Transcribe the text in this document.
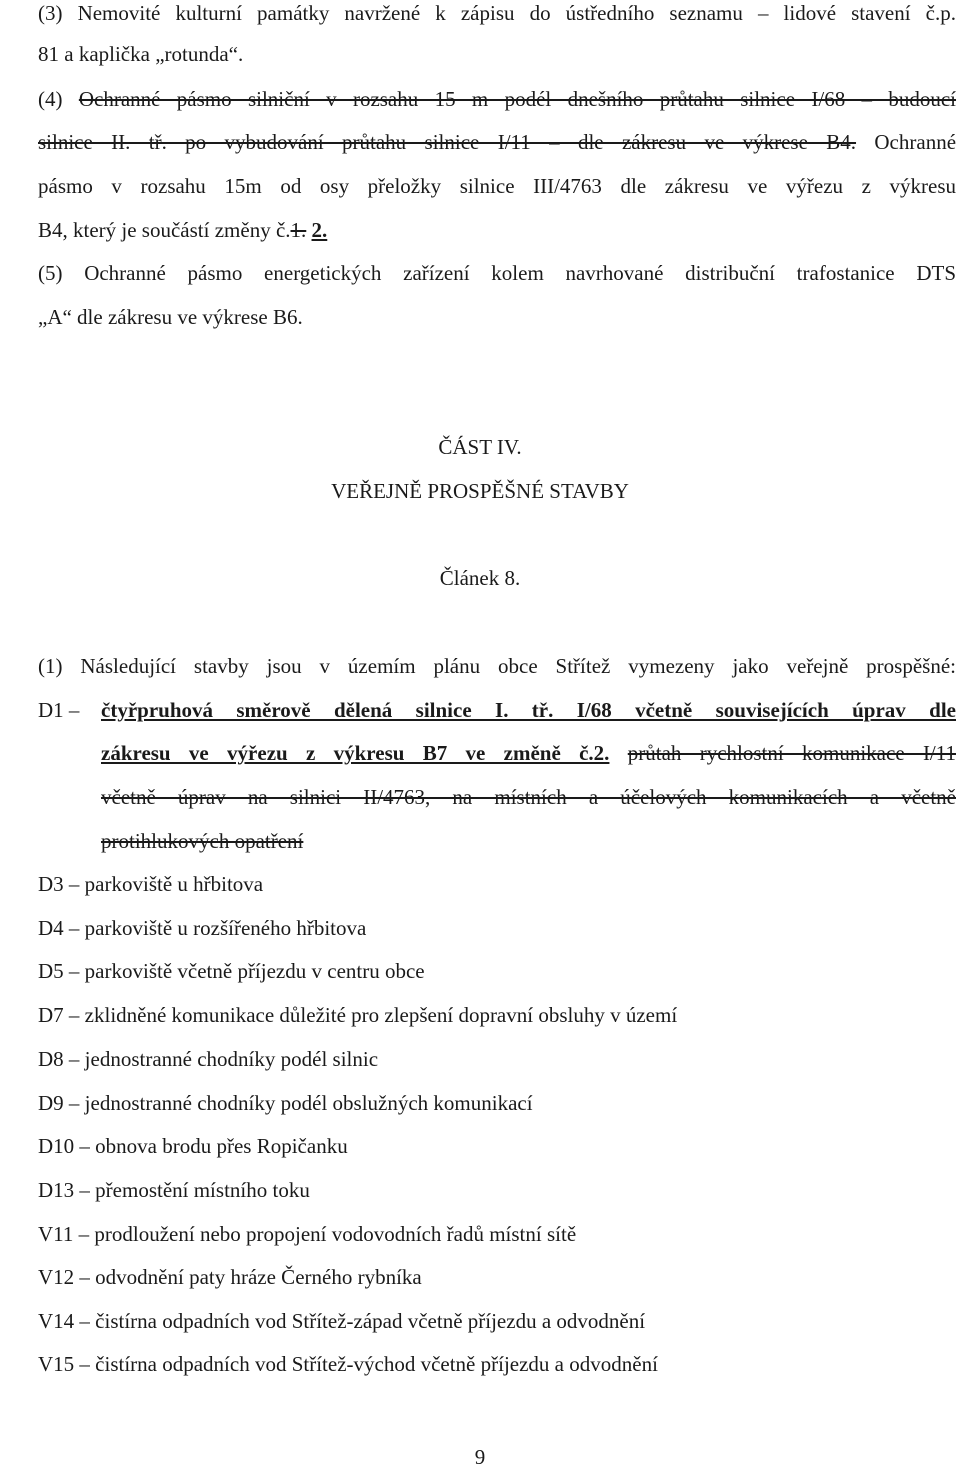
(3) Nemovité kulturní památky navržené k zápisu do ústředního seznamu – lidové stavení č.p.
81 a kaplička „rotunda“.
(4) Ochranné pásmo silniční v rozsahu 15 m podél dnešního průtahu silnice I/68 – budoucí
silnice II. tř. po vybudování průtahu silnice I/11 – dle zákresu ve výkrese B4. Ochranné
pásmo v rozsahu 15m od osy přeložky silnice III/4763 dle zákresu ve výřezu z výkresu
B4, který je součástí změny č.1. 2.
(5) Ochranné pásmo energetických zařízení kolem navrhované distribuční trafostanice DTS
„A“ dle zákresu ve výkrese B6.
ČÁST IV.
VEŘEJNĚ PROSPĚŠNÉ STAVBY
Článek 8.
(1) Následující stavby jsou v územím plánu obce Střítež vymezeny jako veřejně prospěšné:
D1 –	čtyřpruhová směrově dělená silnice I. tř. I/68 včetně souvisejících úprav dle
zákresu ve výřezu z výkresu B7 ve změně č.2. průtah rychlostní komunikace I/11
včetně úprav na silnici II/4763, na místních a účelových komunikacích a včetně
protihlukových opatření
D3 – parkoviště u hřbitova
D4 – parkoviště u rozšířeného hřbitova
D5 – parkoviště včetně příjezdu v centru obce
D7 – zklidněné komunikace důležité pro zlepšení dopravní obsluhy v území
D8 – jednostranné chodníky podél silnic
D9 – jednostranné chodníky podél obslužných komunikací
D10 – obnova brodu přes Ropičanku
D13 – přemostění místního toku
V11 – prodloužení nebo propojení vodovodních řadů místní sítě
V12 – odvodnění paty hráze Černého rybníka
V14 – čistírna odpadních vod Střítež-západ včetně příjezdu a odvodnění
V15 – čistírna odpadních vod Střítež-východ včetně příjezdu a odvodnění
9
